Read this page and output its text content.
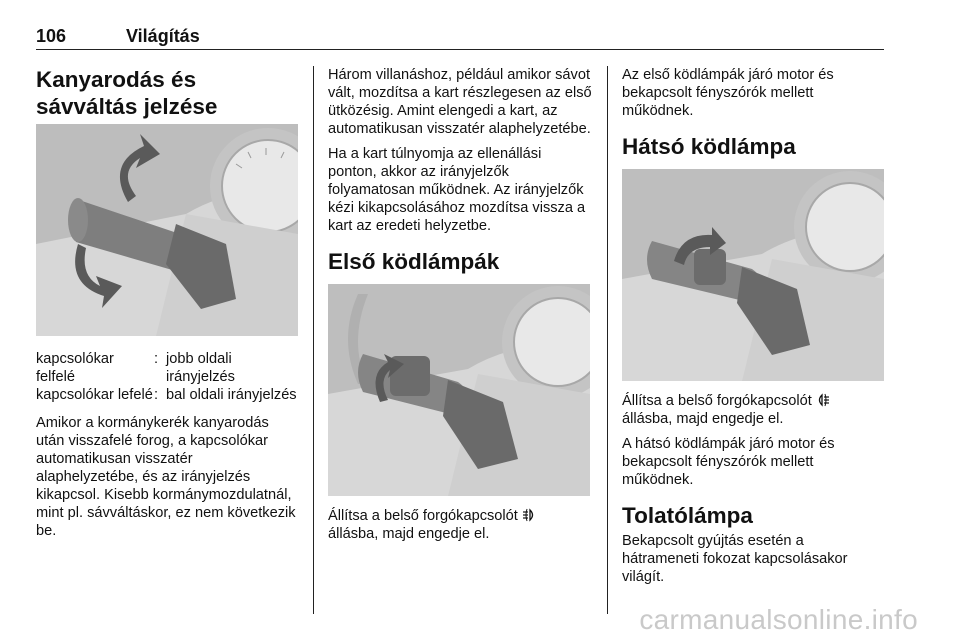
106	Világítás
Kanyarodás és sávváltás jelzése
kapcsolókar felfelé	:	jobb oldali irányjelzés
kapcsolókar lefelé	:	bal oldali irányjelzés

Amikor a kormánykerék kanyarodás után visszafelé forog, a kapcsolókar automatikusan visszatér alaphelyzetébe, és az irányjelzés kikapcsol. Kisebb kormánymozdulatnál, mint pl. sávváltáskor, ez nem következik be.

Három villanáshoz, például amikor sávot vált, mozdítsa a kart részlegesen az első ütközésig. Amint elengedi a kart, az automatikusan visszatér alaphelyzetébe.

Ha a kart túlnyomja az ellenállási ponton, akkor az irányjelzők folyamatosan működnek. Az irányjelzők kézi kikapcsolásához mozdítsa vissza a kart az eredeti helyzetbe.

Első ködlámpák

Állítsa a belső forgókapcsolót
állásba, majd engedje el.

Az első ködlámpák járó motor és bekapcsolt fényszórók mellett működnek.

Hátsó ködlámpa

Állítsa a belső forgókapcsolót
állásba, majd engedje el.

A hátsó ködlámpák járó motor és bekapcsolt fényszórók mellett működnek.

Tolatólámpa

Bekapcsolt gyújtás esetén a hátrameneti fokozat kapcsolásakor világít.

carmanualsonline.info
